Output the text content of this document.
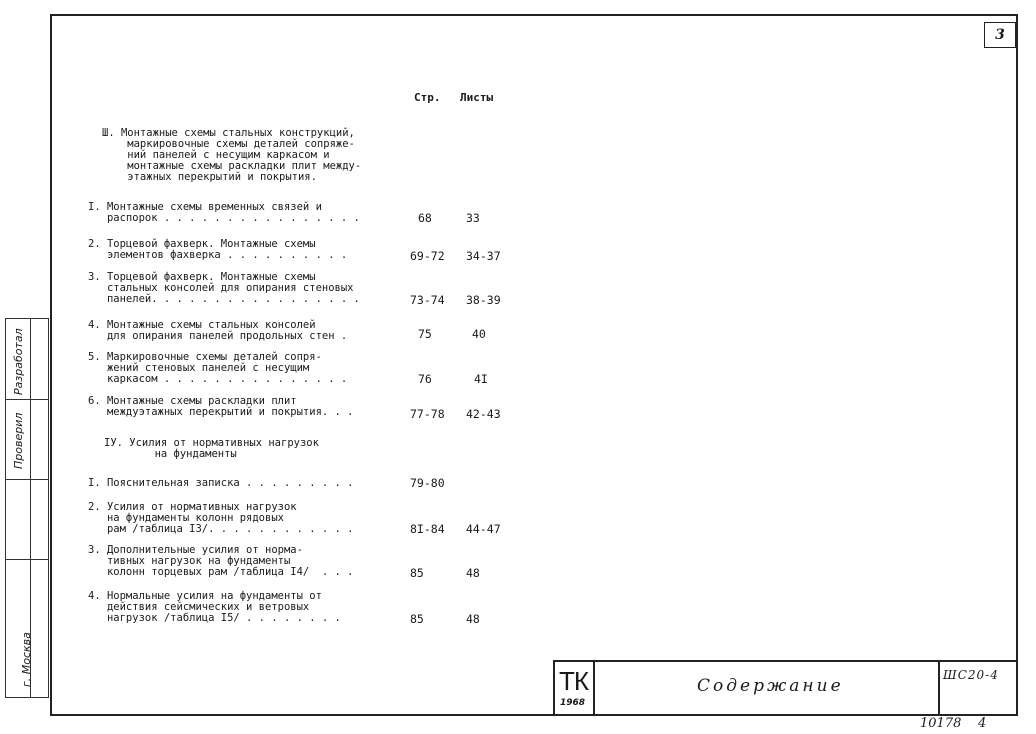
3
Разработал
Проверил
г. Москва
Стр. Листы
Ш. Монтажные схемы стальных конструкций,
маркировочные схемы деталей сопряже-
ний панелей с несущим каркасом и
монтажные схемы раскладки плит между-
этажных перекрытий и покрытия.
I. Монтажные схемы временных связей и
распорок . . . . . . . . . . . . . . . .	68	33
2. Торцевой фахверк. Монтажные схемы
элементов фахверка . . . . . . . . . .	69-72 34-37
3. Торцевой фахверк. Монтажные схемы
стальных консолей для опирания стеновых
панелей. . . . . . . . . . . . . . . . .	73-74 38-39
4. Монтажные схемы стальных консолей
для опирания панелей продольных стен .	75	40
5. Маркировочные схемы деталей сопря-
жений стеновых панелей с несущим
каркасом . . . . . . . . . . . . . . .	76	4I
6. Монтажные схемы раскладки плит
междуэтажных перекрытий и покрытия. . .	77-78 42-43
IУ. Усилия от нормативных нагрузок
на фундаменты
I. Пояснительная записка . . . . . . . . .	79-80
2. Усилия от нормативных нагрузок
на фундаменты колонн рядовых
рам /таблица I3/. . . . . . . . . . . .	8I-84 44-47
3. Дополнительные усилия от норма-
тивных нагрузок на фундаменты
колонн торцевых рам /таблица I4/  . . .	85	48
4. Нормальные усилия на фундаменты от
действия сейсмических и ветровых
нагрузок /таблица I5/ . . . . . . . .	85	48
ТК
1968
Содержание
ШС20-4
10178 4
